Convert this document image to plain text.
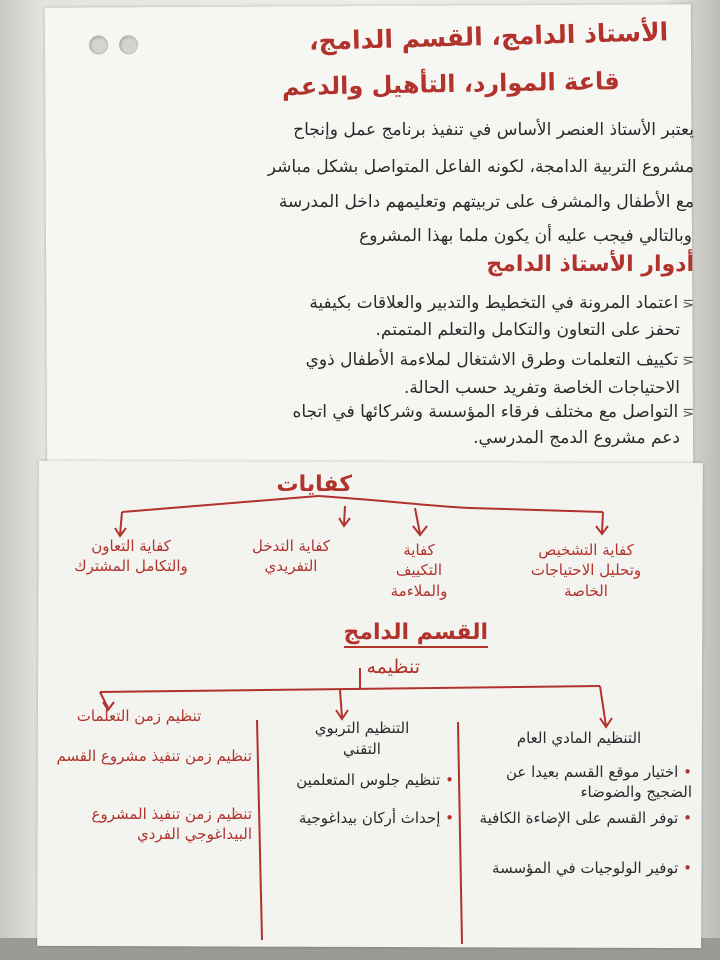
الأستاذ الدامج، القسم الدامج،
قاعة الموارد، التأهيل والدعم
يعتبر الأستاذ العنصر الأساس في تنفيذ برنامج عمل وإنجاح
مشروع التربية الدامجة، لكونه الفاعل المتواصل بشكل مباشر
مع الأطفال والمشرف على تربيتهم وتعليمهم داخل المدرسة
وبالتالي فيجب عليه أن يكون ملما بهذا المشروع
أدوار الأستاذ الدامج
⋜اعتماد المرونة في التخطيط والتدبير والعلاقات بكيفية
تحفز على التعاون والتكامل والتعلم المتمتم.
⋜تكييف التعلمات وطرق الاشتغال لملاءمة الأطفال ذوي
الاحتياجات الخاصة وتفريد حسب الحالة.
⋜التواصل مع مختلف فرقاء المؤسسة وشركائها في اتجاه
دعم مشروع الدمج المدرسي.
كفايات
كفاية التشخيص
وتحليل الاحتياجات
الخاصة
كفاية
التكييف
والملاءمة
كفاية التدخل
التفريدي
كفاية التعاون
والتكامل المشترك
القسم الدامج
تنظيمه
التنظيم المادي العام
• اختيار موقع القسم بعيدا عن الضجيج والضوضاء
• توفر القسم على الإضاءة الكافية
• توفير الولوجيات في المؤسسة
التنظيم التربوي
التقني
• تنظيم جلوس المتعلمين
• إحداث أركان بيداغوجية
تنظيم زمن التعلمات
تنظيم زمن تنفيذ مشروع القسم
تنظيم زمن تنفيذ المشروع البيداغوجي الفردي
